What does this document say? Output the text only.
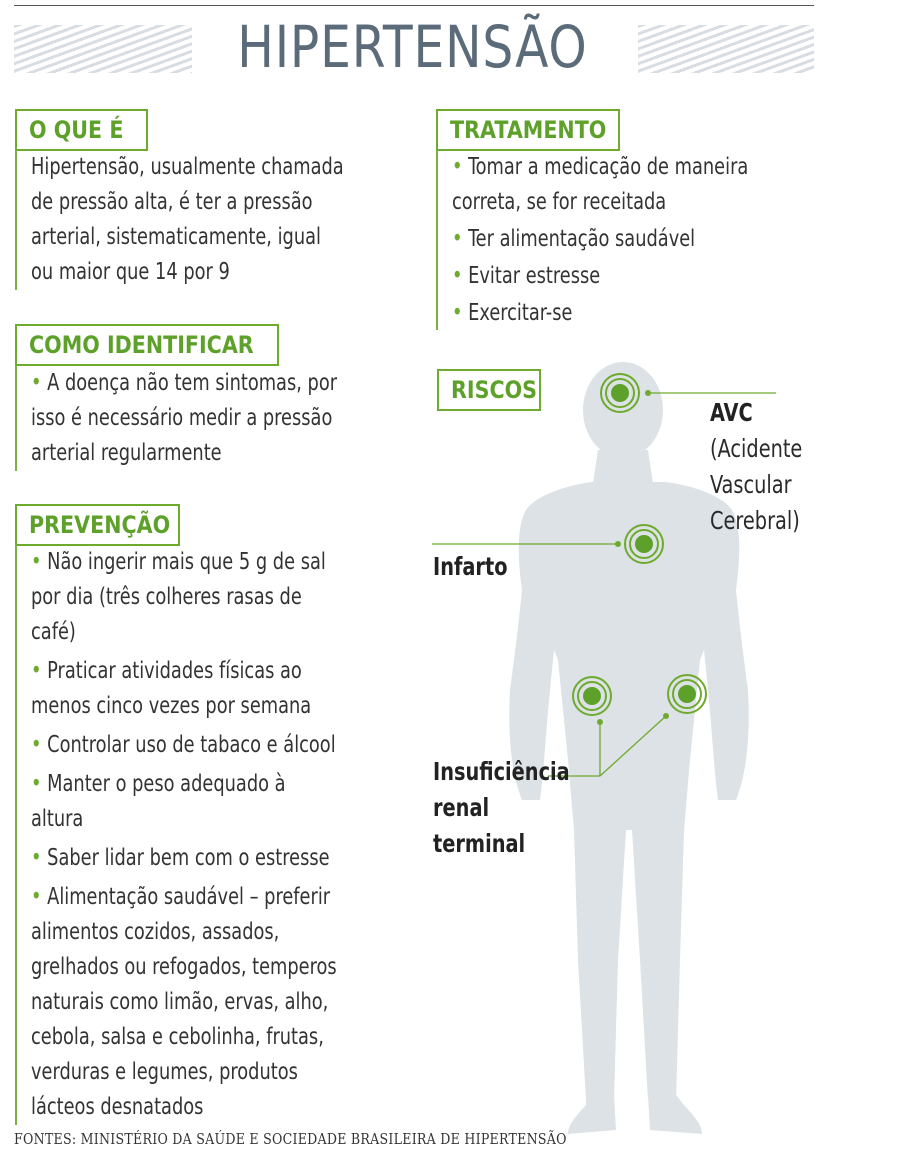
HIPERTENSÃO
O QUE É
Hipertensão, usualmente chamada
de pressão alta, é ter a pressão
arterial, sistematicamente, igual
ou maior que 14 por 9
COMO IDENTIFICAR
• A doença não tem sintomas, por
isso é necessário medir a pressão
arterial regularmente
PREVENÇÃO
• Não ingerir mais que 5 g de sal
por dia (três colheres rasas de
café)
• Praticar atividades físicas ao
menos cinco vezes por semana
• Controlar uso de tabaco e álcool
• Manter o peso adequado à
altura
• Saber lidar bem com o estresse
• Alimentação saudável – preferir
alimentos cozidos, assados,
grelhados ou refogados, temperos
naturais como limão, ervas, alho,
cebola, salsa e cebolinha, frutas,
verduras e legumes, produtos
lácteos desnatados
TRATAMENTO
• Tomar a medicação de maneira
correta, se for receitada
• Ter alimentação saudável
• Evitar estresse
• Exercitar-se
RISCOS
AVC
(Acidente
Vascular
Cerebral)
Infarto
Insuficiência
renal
terminal
FONTES: MINISTÉRIO DA SAÚDE E SOCIEDADE BRASILEIRA DE HIPERTENSÃO
